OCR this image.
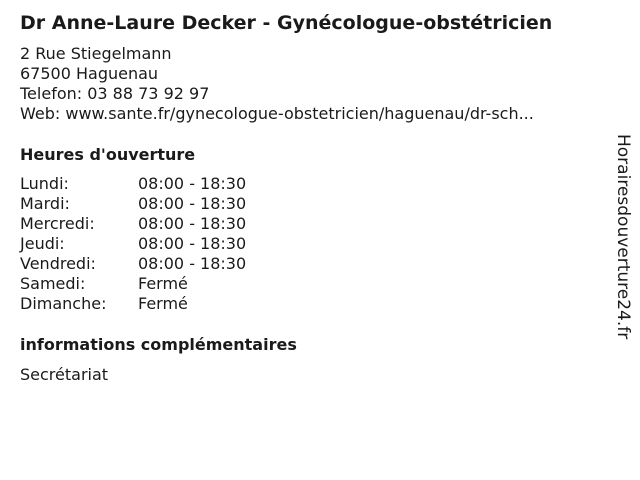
Dr Anne-Laure Decker - Gynécologue-obstétricien
2 Rue Stiegelmann
67500 Haguenau
Telefon: 03 88 73 92 97
Web: www.sante.fr/gynecologue-obstetricien/haguenau/dr-sch...
Heures d'ouverture
Lundi:	08:00 - 18:30
Mardi:	08:00 - 18:30
Mercredi:	08:00 - 18:30
Jeudi:	08:00 - 18:30
Vendredi:	08:00 - 18:30
Samedi:	Fermé
Dimanche: Fermé
informations complémentaires
Secrétariat
Horairesdouverture24.fr
